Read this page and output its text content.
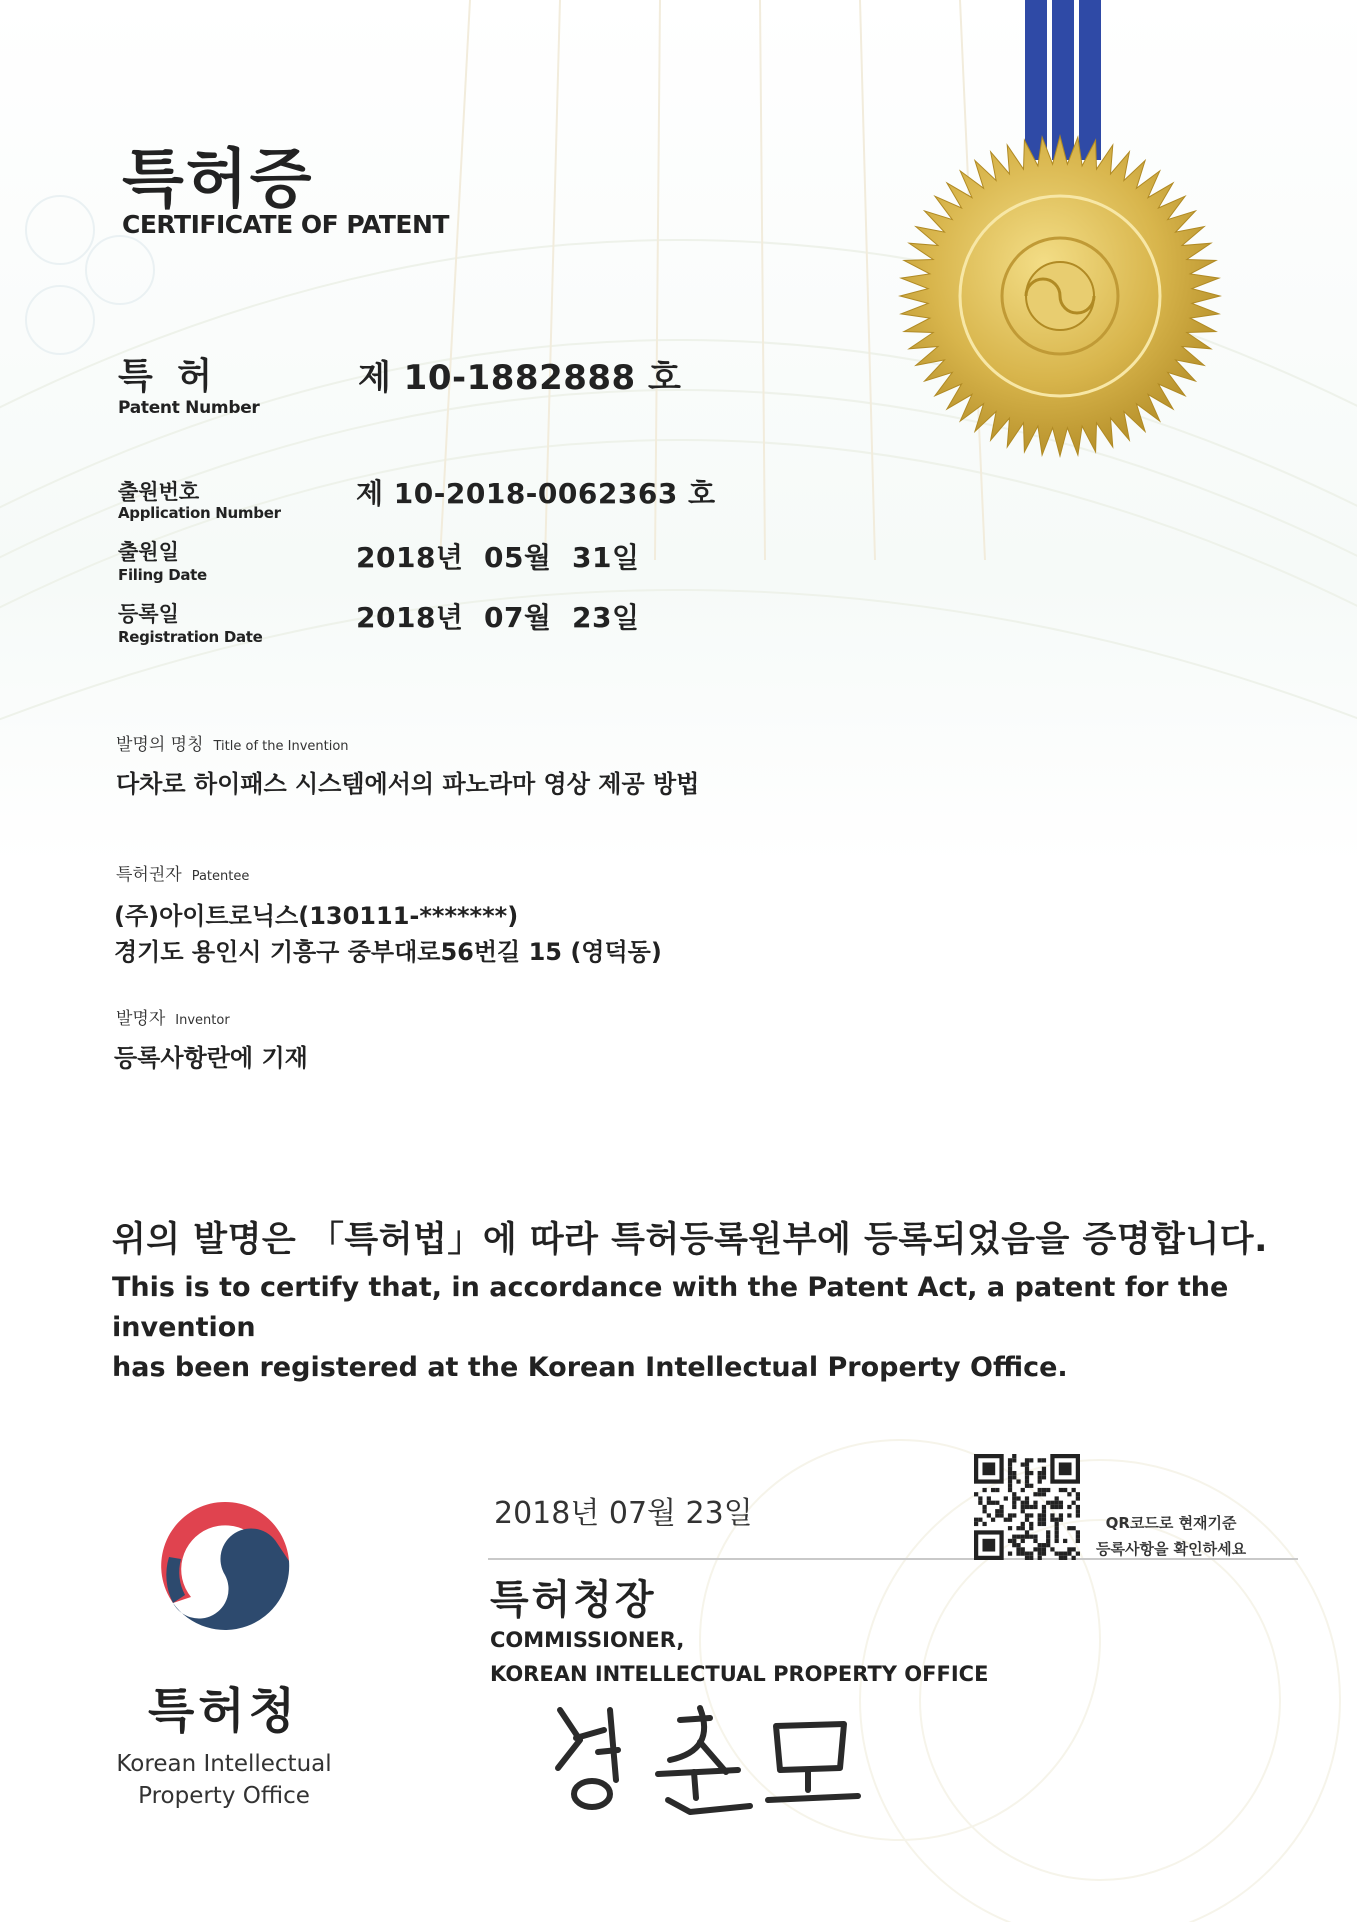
특허증
CERTIFICATE OF PATENT
특 허
Patent Number
제 10-1882888 호
출원번호
Application Number
제 10-2018-0062363 호
출원일
Filing Date
2018년  05월  31일
등록일
Registration Date
2018년  07월  23일
발명의 명칭 Title of the Invention
다차로 하이패스 시스템에서의 파노라마 영상 제공 방법
특허권자 Patentee
(주)아이트로닉스(130111-*******)
경기도 용인시 기흥구 중부대로56번길 15 (영덕동)
발명자 Inventor
등록사항란에 기재
위의 발명은 「특허법」에 따라 특허등록원부에 등록되었음을 증명합니다.
This is to certify that, in accordance with the Patent Act, a patent for the invention
has been registered at the Korean Intellectual Property Office.
2018년 07월 23일
특허청장
COMMISSIONER,
KOREAN INTELLECTUAL PROPERTY OFFICE
QR코드로 현재기준
등록사항을 확인하세요
특허청
Korean Intellectual
Property Office
